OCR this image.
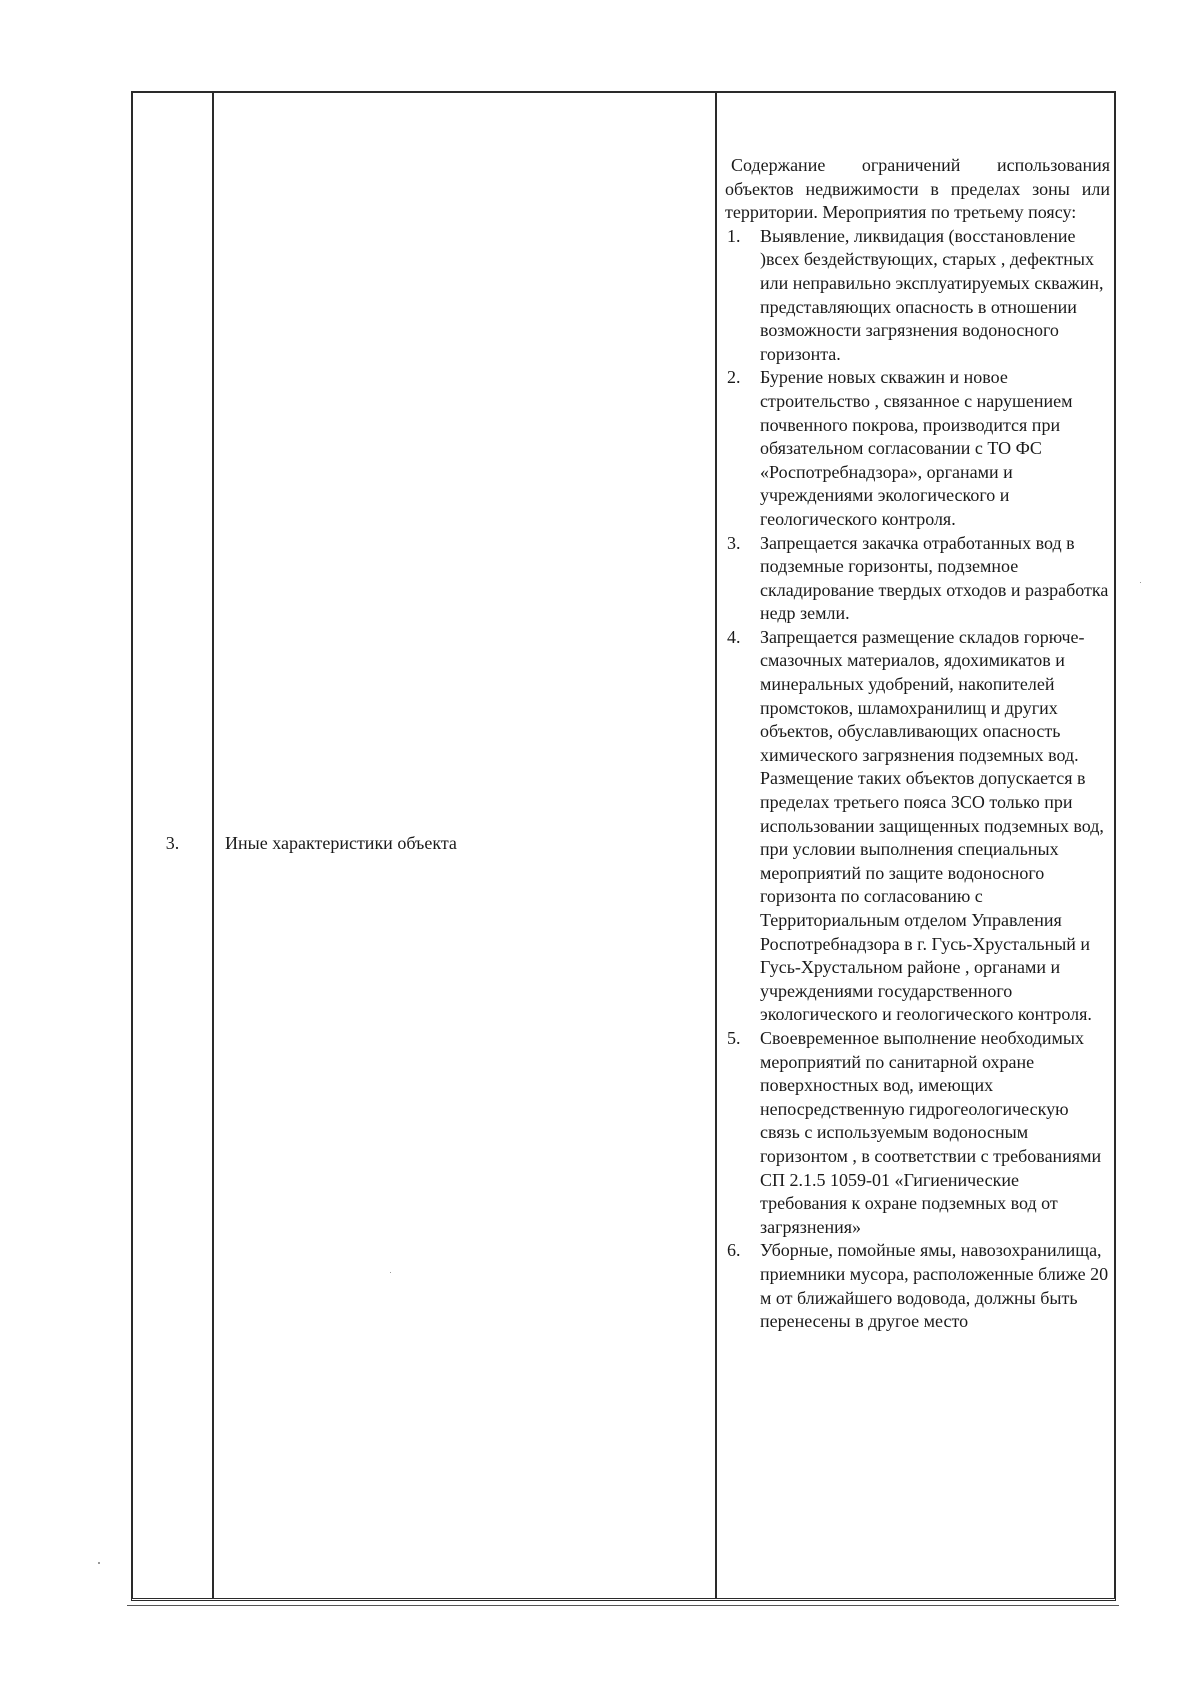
3.	Иные характеристики объекта

Содержание ограничений использования объектов недвижимости в пределах зоны или территории. Мероприятия по третьему поясу:

1. Выявление, ликвидация (восстановление )всех бездействующих, старых , дефектных или неправильно эксплуатируемых скважин, представляющих опасность в отношении возможности загрязнения водоносного горизонта.
2. Бурение новых скважин и новое строительство , связанное с нарушением почвенного покрова, производится при обязательном согласовании с ТО ФС «Роспотребнадзора», органами и учреждениями экологического и геологического контроля.
3. Запрещается закачка отработанных вод в подземные горизонты, подземное складирование твердых отходов и разработка недр земли.
4. Запрещается размещение складов горюче-смазочных материалов, ядохимикатов и минеральных удобрений, накопителей промстоков, шламохранилищ и других объектов, обуславливающих опасность химического загрязнения подземных вод. Размещение таких объектов допускается в пределах третьего пояса ЗСО только при использовании защищенных подземных вод, при условии выполнения специальных мероприятий по защите водоносного горизонта по согласованию с Территориальным отделом Управления Роспотребнадзора в г. Гусь-Хрустальный и Гусь-Хрустальном районе , органами и учреждениями государственного экологического и геологического контроля.
5. Своевременное выполнение необходимых мероприятий по санитарной охране поверхностных вод, имеющих непосредственную гидрогеологическую связь с используемым водоносным горизонтом , в соответствии с требованиями СП 2.1.5 1059-01 «Гигиенические требования к охране подземных вод от загрязнения»
6. Уборные, помойные ямы, навозохранилища, приемники мусора, расположенные ближе 20 м от ближайшего водовода, должны быть перенесены в другое место
